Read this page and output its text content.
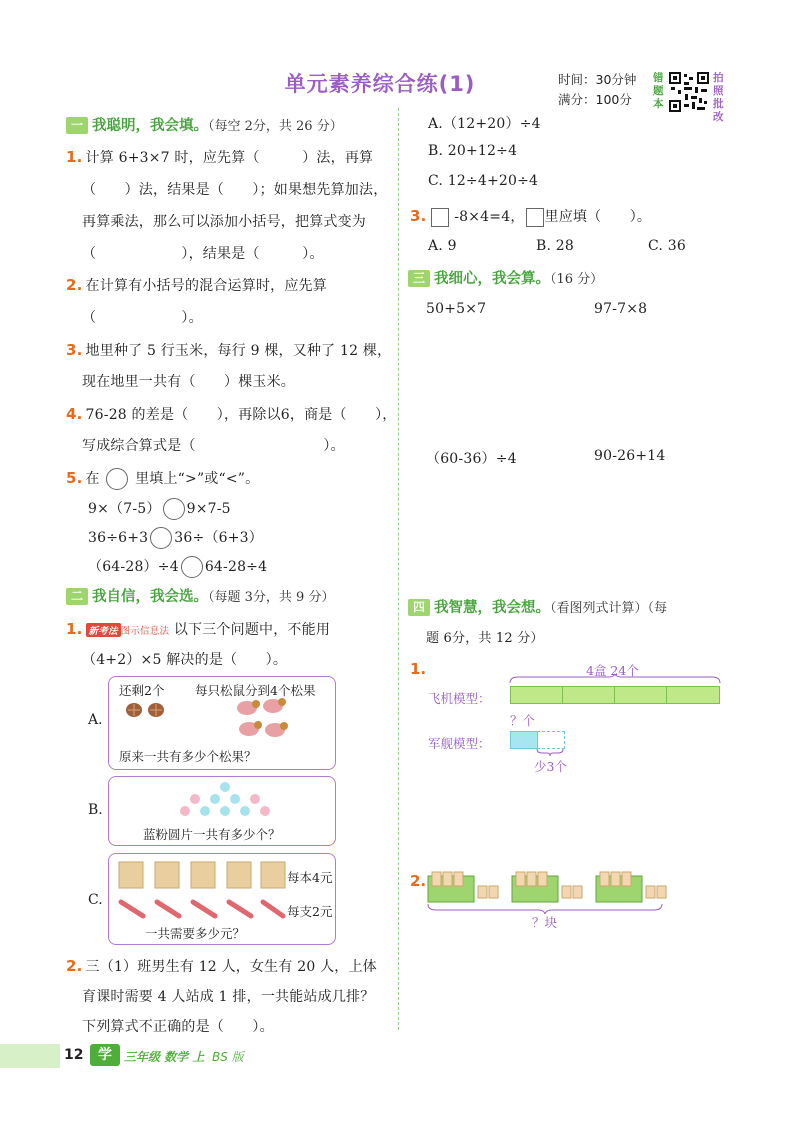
单元素养综合练(1)	时间：30分钟
满分：100分
错题本
拍照批改
一 我聪明，我会填。（每空 2分，共 26 分）
1. 计算 6+3×7 时，应先算（　　　）法，再算
（　　）法，结果是（　　）；如果想先算加法，
再算乘法，那么可以添加小括号，把算式变为
（　　　　　　），结果是（　　　）。
2. 在计算有小括号的混合运算时，应先算
（　　　　　　）。
3. 地里种了 5 行玉米，每行 9 棵，又种了 12 棵，
现在地里一共有（　　）棵玉米。
4. 76-28 的差是（　　），再除以6，商是（　　），
写成综合算式是（　　　　　　　　　）。
5. 在	里填上“>”或“<”。
9×（7-5） 9×7-5
36÷6+3 36÷（6+3）
（64-28）÷4 64-28÷4
二 我自信，我会选。（每题 3分，共 9 分）
1. 新考法 图示信息法 以下三个问题中，不能用
（4+2）×5 解决的是（　　）。
A.
还剩2个 每只松鼠分到4个松果
原来一共有多少个松果？
B.
蓝粉圆片一共有多少个？
C.
每本4元
每支2元
一共需要多少元？
2. 三（1）班男生有 12 人，女生有 20 人，上体
育课时需要 4 人站成 1 排，一共能站成几排？
下列算式不正确的是（　　）。
A.（12+20）÷4
B. 20+12÷4
C. 12÷4+20÷4
3. -8×4=4， 里应填（　　）。
A. 9	B. 28	C. 36
三 我细心，我会算。（16 分）
50+5×7	97-7×8
（60-36）÷4	90-26+14
四 我智慧，我会想。（看图列式计算）（每
题 6分，共 12 分）
1.	4盒 24个
飞机模型：
？个
军舰模型：
少3个
2.
？块
12	学	三年级 数学 上 BS 版
